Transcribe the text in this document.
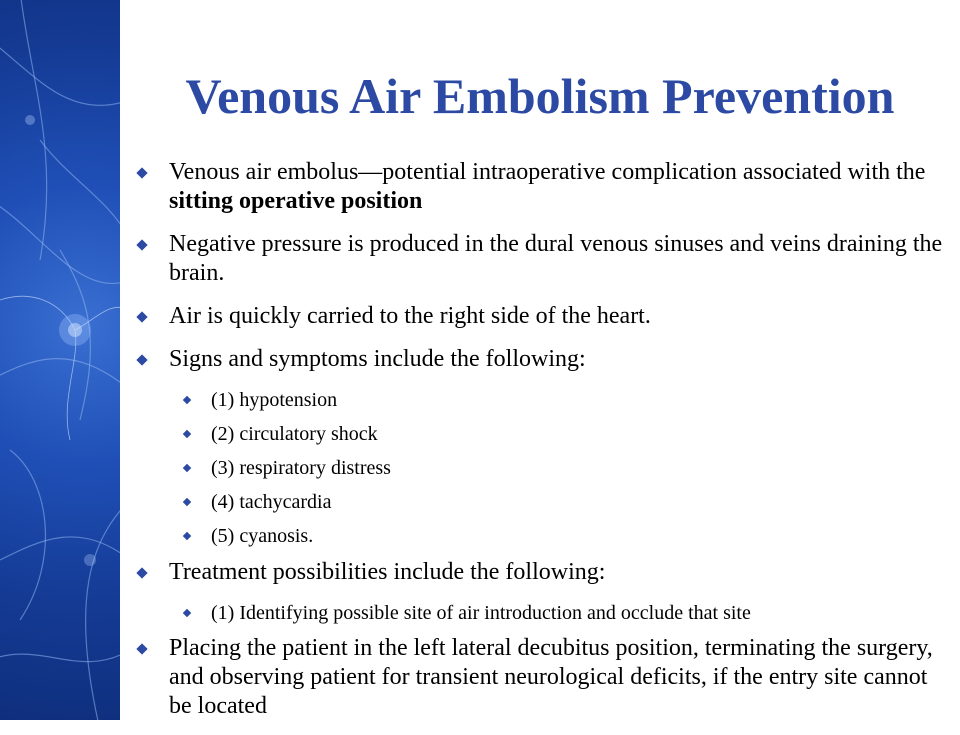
Venous Air Embolism Prevention
Venous air embolus—potential intraoperative complication associated with the sitting operative position
Negative pressure is produced in the dural venous sinuses and veins draining the brain.
Air is quickly carried to the right side of the heart.
Signs and symptoms include the following:
(1) hypotension
(2) circulatory shock
(3) respiratory distress
(4) tachycardia
(5) cyanosis.
Treatment possibilities include the following:
(1) Identifying possible site of air introduction and occlude that site
Placing the patient in the left lateral decubitus position, terminating the surgery, and observing patient for transient neurological deficits, if the entry site cannot be located
